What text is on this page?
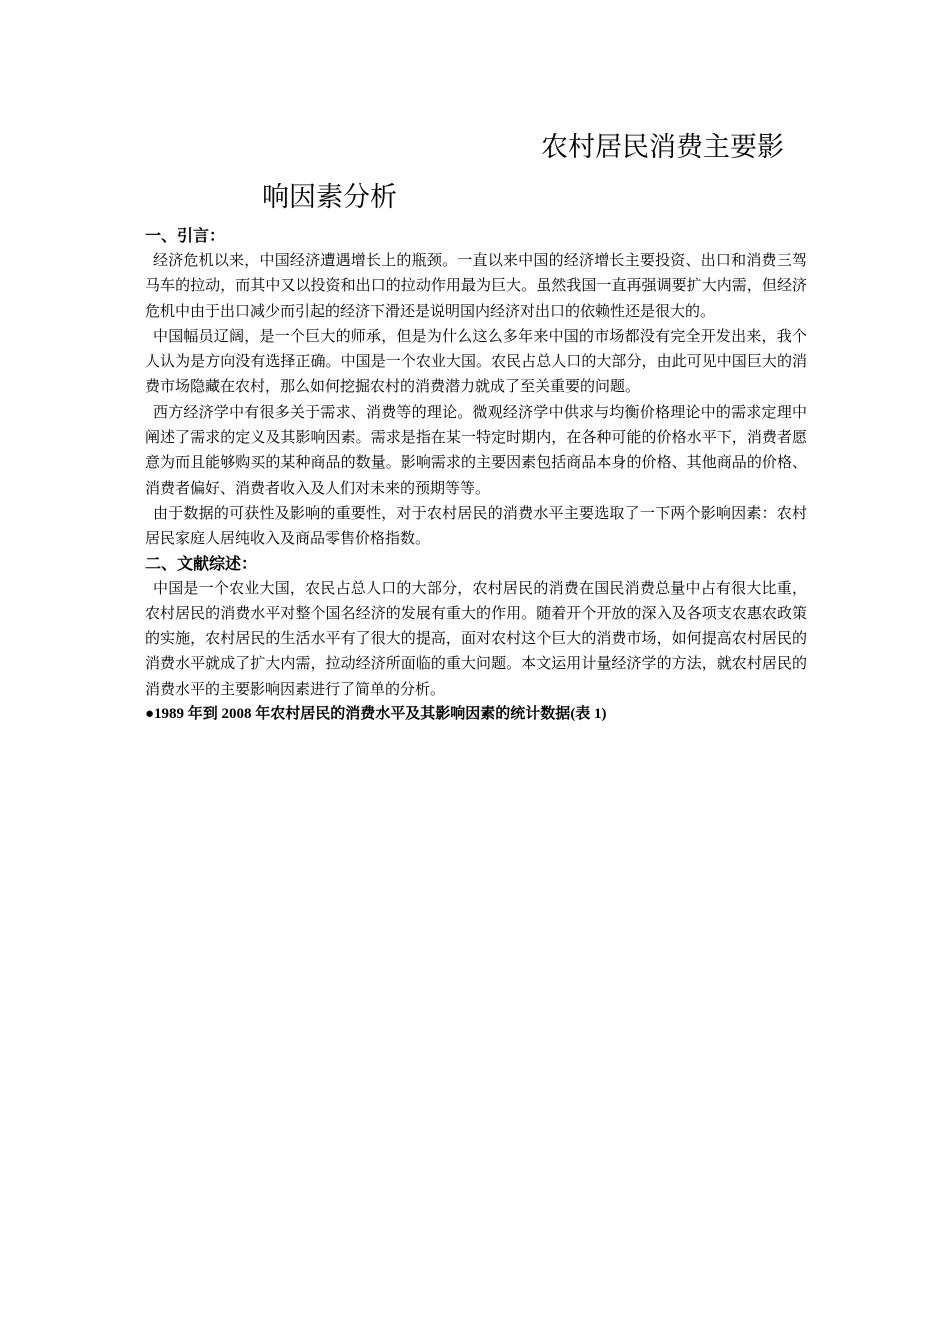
农村居民消费主要影
响因素分析
一、引言：

经济危机以来，中国经济遭遇增长上的瓶颈。一直以来中国的经济增长主要投资、出口和消费三驾马车的拉动，而其中又以投资和出口的拉动作用最为巨大。虽然我国一直再强调要扩大内需，但经济危机中由于出口减少而引起的经济下滑还是说明国内经济对出口的依赖性还是很大的。

中国幅员辽阔，是一个巨大的师承，但是为什么这么多年来中国的市场都没有完全开发出来，我个人认为是方向没有选择正确。中国是一个农业大国。农民占总人口的大部分，由此可见中国巨大的消费市场隐藏在农村，那么如何挖掘农村的消费潜力就成了至关重要的问题。

西方经济学中有很多关于需求、消费等的理论。微观经济学中供求与均衡价格理论中的需求定理中阐述了需求的定义及其影响因素。需求是指在某一特定时期内，在各种可能的价格水平下，消费者愿意为而且能够购买的某种商品的数量。影响需求的主要因素包括商品本身的价格、其他商品的价格、消费者偏好、消费者收入及人们对未来的预期等等。

由于数据的可获性及影响的重要性，对于农村居民的消费水平主要选取了一下两个影响因素：农村居民家庭人居纯收入及商品零售价格指数。

二、文献综述：

中国是一个农业大国，农民占总人口的大部分，农村居民的消费在国民消费总量中占有很大比重，农村居民的消费水平对整个国名经济的发展有重大的作用。随着开个开放的深入及各项支农惠农政策的实施，农村居民的生活水平有了很大的提高，面对农村这个巨大的消费市场，如何提高农村居民的消费水平就成了扩大内需，拉动经济所面临的重大问题。本文运用计量经济学的方法，就农村居民的消费水平的主要影响因素进行了简单的分析。

●1989 年到 2008 年农村居民的消费水平及其影响因素的统计数据(表 1)
